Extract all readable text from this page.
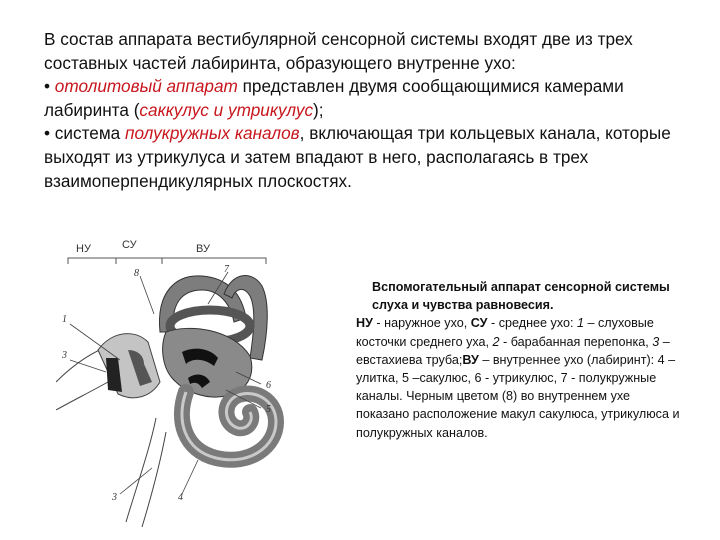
В состав аппарата вестибулярной сенсорной системы входят две из трех составных частей лабиринта, образующего внутренне ухо:

• отолитовый аппарат представлен двумя сообщающимися камерами лабиринта (саккулус и утрикулус);

• система полукружных каналов, включающая три кольцевых канала, которые выходят из утрикулуса и затем впадают в него, располагаясь в трех взаимоперпендикулярных плоскостях.

НУ	СУ	ВУ
8	7
1
3
6
5
3	4

Вспомогательный аппарат сенсорной системы слуха и чувства равновесия.

НУ - наружное ухо, СУ - среднее ухо: 1 – слуховые косточки среднего уха, 2 - барабанная перепонка, 3 – евстахиева труба;ВУ – внутреннее ухо (лабиринт): 4 – улитка, 5 –сакулюс, 6 - утрикулюс, 7 - полукружные каналы. Черным цветом (8) во внутреннем ухе показано расположение макул сакулюса, утрикулюса и полукружных каналов.
